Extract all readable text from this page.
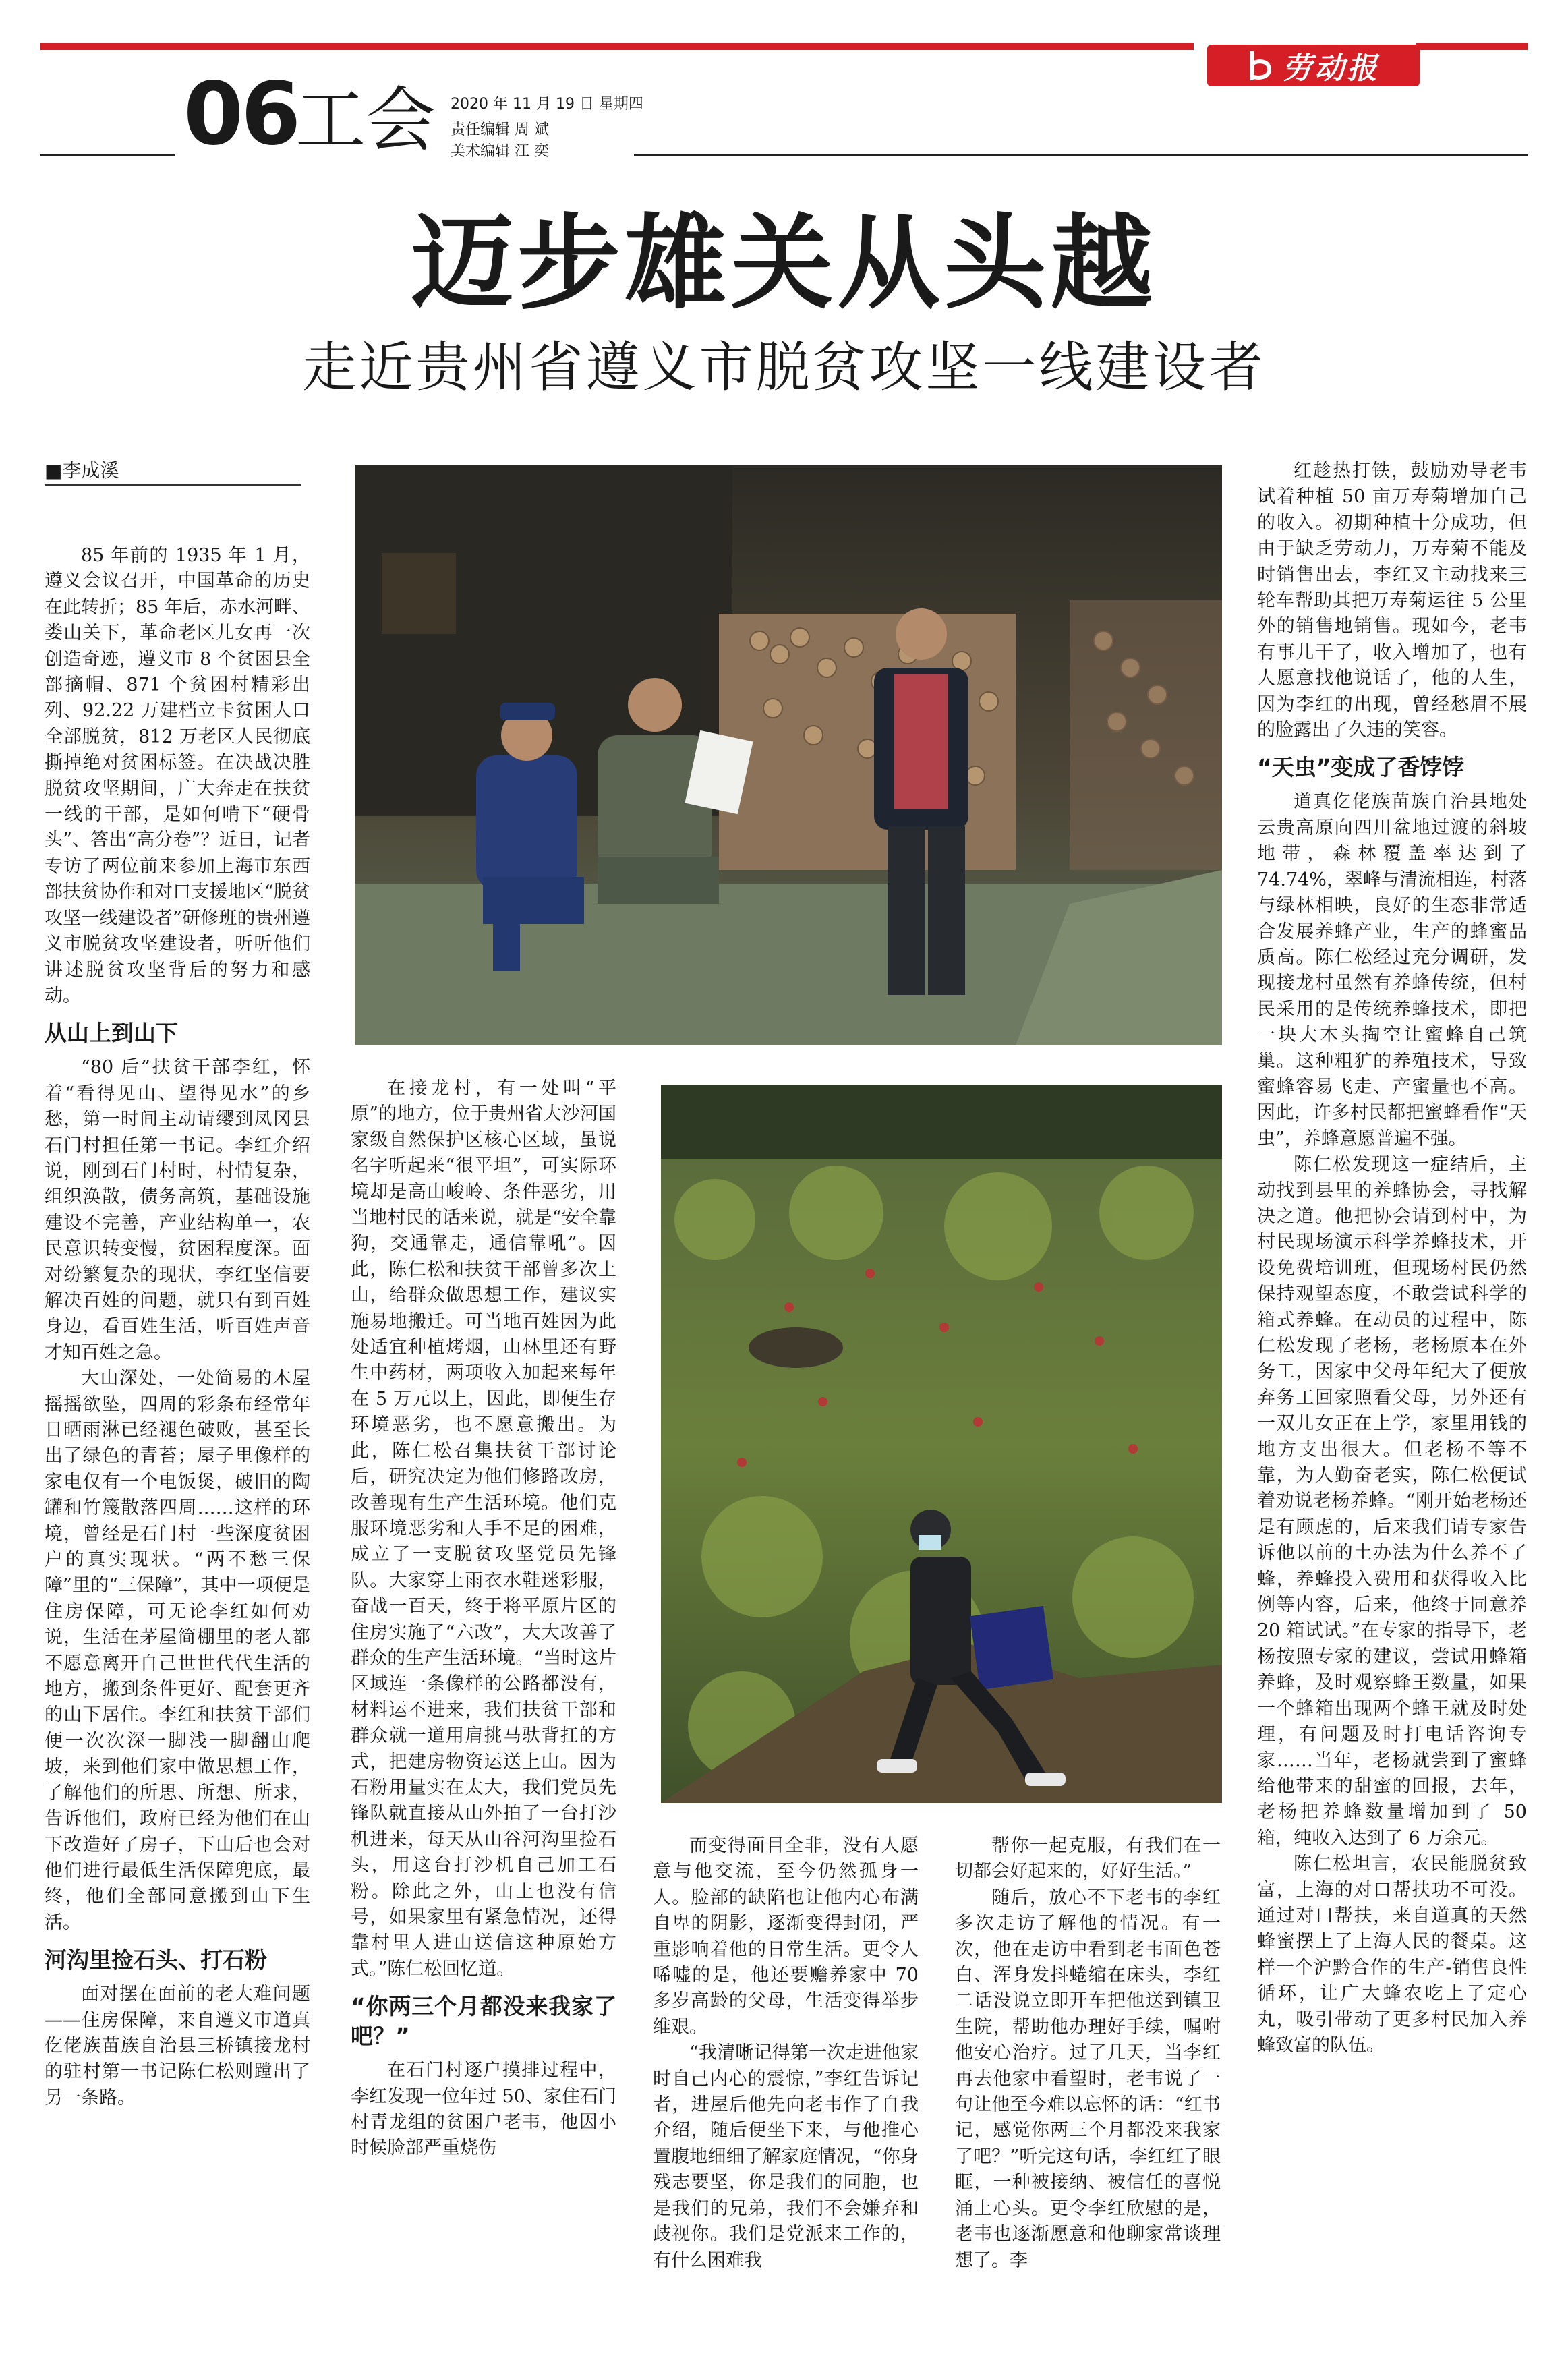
劳动报
06
工会 2020 年 11 月 19 日 星期四
责任编辑 周 斌
美术编辑 江 奕
迈步雄关从头越
走近贵州省遵义市脱贫攻坚一线建设者
■李成溪

85 年前的 1935 年 1 月，遵义会议召开，中国革命的历史在此转折；85 年后，赤水河畔、娄山关下，革命老区儿女再一次创造奇迹，遵义市 8 个贫困县全部摘帽、871 个贫困村精彩出列、92.22 万建档立卡贫困人口全部脱贫，812 万老区人民彻底撕掉绝对贫困标签。在决战决胜脱贫攻坚期间，广大奔走在扶贫一线的干部，是如何啃下“硬骨头”、答出“高分卷”？近日，记者专访了两位前来参加上海市东西部扶贫协作和对口支援地区“脱贫攻坚一线建设者”研修班的贵州遵义市脱贫攻坚建设者，听听他们讲述脱贫攻坚背后的努力和感动。

从山上到山下

“80 后”扶贫干部李红，怀着“看得见山、望得见水”的乡愁，第一时间主动请缨到凤冈县石门村担任第一书记。李红介绍说，刚到石门村时，村情复杂，组织涣散，债务高筑，基础设施建设不完善，产业结构单一，农民意识转变慢，贫困程度深。面对纷繁复杂的现状，李红坚信要解决百姓的问题，就只有到百姓身边，看百姓生活，听百姓声音才知百姓之急。

大山深处，一处简易的木屋摇摇欲坠，四周的彩条布经常年日晒雨淋已经褪色破败，甚至长出了绿色的青苔；屋子里像样的家电仅有一个电饭煲，破旧的陶罐和竹篾散落四周……这样的环境，曾经是石门村一些深度贫困户的真实现状。“两不愁三保障”里的“三保障”，其中一项便是住房保障，可无论李红如何劝说，生活在茅屋简棚里的老人都不愿意离开自己世世代代生活的地方，搬到条件更好、配套更齐的山下居住。李红和扶贫干部们便一次次深一脚浅一脚翻山爬坡，来到他们家中做思想工作，了解他们的所思、所想、所求，告诉他们，政府已经为他们在山下改造好了房子，下山后也会对他们进行最低生活保障兜底，最终，他们全部同意搬到山下生活。

河沟里捡石头、打石粉

面对摆在面前的老大难问题——住房保障，来自遵义市道真仡佬族苗族自治县三桥镇接龙村的驻村第一书记陈仁松则蹚出了另一条路。

在接龙村，有一处叫“平原”的地方，位于贵州省大沙河国家级自然保护区核心区域，虽说名字听起来“很平坦”，可实际环境却是高山峻岭、条件恶劣，用当地村民的话来说，就是“安全靠狗，交通靠走，通信靠吼”。因此，陈仁松和扶贫干部曾多次上山，给群众做思想工作，建议实施易地搬迁。可当地百姓因为此处适宜种植烤烟，山林里还有野生中药材，两项收入加起来每年在 5 万元以上，因此，即便生存环境恶劣，也不愿意搬出。为此，陈仁松召集扶贫干部讨论后，研究决定为他们修路改房，改善现有生产生活环境。他们克服环境恶劣和人手不足的困难，成立了一支脱贫攻坚党员先锋队。大家穿上雨衣水鞋迷彩服，奋战一百天，终于将平原片区的住房实施了“六改”，大大改善了群众的生产生活环境。“当时这片区域连一条像样的公路都没有，材料运不进来，我们扶贫干部和群众就一道用肩挑马驮背扛的方式，把建房物资运送上山。因为石粉用量实在太大，我们党员先锋队就直接从山外拍了一台打沙机进来，每天从山谷河沟里捡石头，用这台打沙机自己加工石粉。除此之外，山上也没有信号，如果家里有紧急情况，还得靠村里人进山送信这种原始方式。”陈仁松回忆道。

“你两三个月都没来我家了吧？”

在石门村逐户摸排过程中，李红发现一位年过 50、家住石门村青龙组的贫困户老韦，他因小时候脸部严重烧伤

而变得面目全非，没有人愿意与他交流，至今仍然孤身一人。脸部的缺陷也让他内心布满自卑的阴影，逐渐变得封闭，严重影响着他的日常生活。更令人唏嘘的是，他还要赡养家中 70 多岁高龄的父母，生活变得举步维艰。

“我清晰记得第一次走进他家时自己内心的震惊，”李红告诉记者，进屋后他先向老韦作了自我介绍，随后便坐下来，与他推心置腹地细细了解家庭情况，“你身残志要坚，你是我们的同胞，也是我们的兄弟，我们不会嫌弃和歧视你。我们是党派来工作的，有什么困难我

帮你一起克服，有我们在一切都会好起来的，好好生活。”

随后，放心不下老韦的李红多次走访了解他的情况。有一次，他在走访中看到老韦面色苍白、浑身发抖蜷缩在床头，李红二话没说立即开车把他送到镇卫生院，帮助他办理好手续，嘱咐他安心治疗。过了几天，当李红再去他家中看望时，老韦说了一句让他至今难以忘怀的话：“红书记，感觉你两三个月都没来我家了吧？”听完这句话，李红红了眼眶，一种被接纳、被信任的喜悦涌上心头。更令李红欣慰的是，老韦也逐渐愿意和他聊家常谈理想了。李

红趁热打铁，鼓励劝导老韦试着种植 50 亩万寿菊增加自己的收入。初期种植十分成功，但由于缺乏劳动力，万寿菊不能及时销售出去，李红又主动找来三轮车帮助其把万寿菊运往 5 公里外的销售地销售。现如今，老韦有事儿干了，收入增加了，也有人愿意找他说话了，他的人生，因为李红的出现，曾经愁眉不展的脸露出了久违的笑容。

“天虫”变成了香饽饽

道真仡佬族苗族自治县地处云贵高原向四川盆地过渡的斜坡地带，森林覆盖率达到了 74.74%，翠峰与清流相连，村落与绿林相映，良好的生态非常适合发展养蜂产业，生产的蜂蜜品质高。陈仁松经过充分调研，发现接龙村虽然有养蜂传统，但村民采用的是传统养蜂技术，即把一块大木头掏空让蜜蜂自己筑巢。这种粗犷的养殖技术，导致蜜蜂容易飞走、产蜜量也不高。因此，许多村民都把蜜蜂看作“天虫”，养蜂意愿普遍不强。

陈仁松发现这一症结后，主动找到县里的养蜂协会，寻找解决之道。他把协会请到村中，为村民现场演示科学养蜂技术，开设免费培训班，但现场村民仍然保持观望态度，不敢尝试科学的箱式养蜂。在动员的过程中，陈仁松发现了老杨，老杨原本在外务工，因家中父母年纪大了便放弃务工回家照看父母，另外还有一双儿女正在上学，家里用钱的地方支出很大。但老杨不等不靠，为人勤奋老实，陈仁松便试着劝说老杨养蜂。“刚开始老杨还是有顾虑的，后来我们请专家告诉他以前的土办法为什么养不了蜂，养蜂投入费用和获得收入比例等内容，后来，他终于同意养 20 箱试试。”在专家的指导下，老杨按照专家的建议，尝试用蜂箱养蜂，及时观察蜂王数量，如果一个蜂箱出现两个蜂王就及时处理，有问题及时打电话咨询专家……当年，老杨就尝到了蜜蜂给他带来的甜蜜的回报，去年，老杨把养蜂数量增加到了 50 箱，纯收入达到了 6 万余元。

陈仁松坦言，农民能脱贫致富，上海的对口帮扶功不可没。通过对口帮扶，来自道真的天然蜂蜜摆上了上海人民的餐桌。这样一个沪黔合作的生产-销售良性循环，让广大蜂农吃上了定心丸，吸引带动了更多村民加入养蜂致富的队伍。
